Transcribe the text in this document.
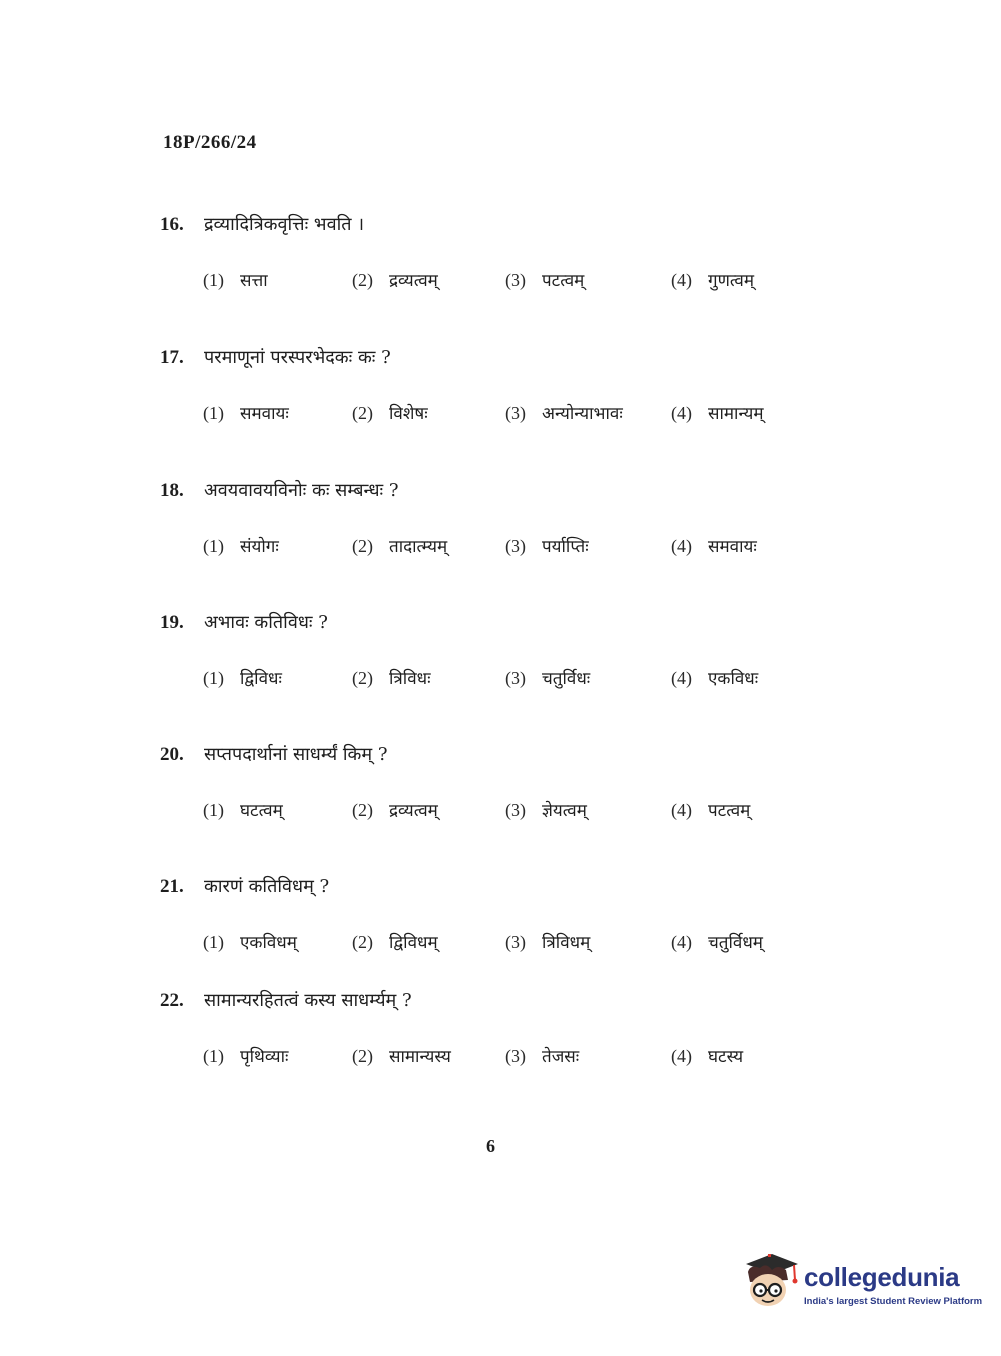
18P/266/24
16.	द्रव्यादित्रिकवृत्तिः भवति ।
(1) सत्ता	(2) द्रव्यत्वम्	(3) पटत्वम्	(4) गुणत्वम्
17.	परमाणूनां परस्परभेदकः कः ?
(1) समवायः	(2) विशेषः	(3) अन्योन्याभावः	(4) सामान्यम्
18.	अवयवावयविनोः कः सम्बन्धः ?
(1) संयोगः	(2) तादात्म्यम्	(3) पर्याप्तिः	(4) समवायः
19.	अभावः कतिविधः ?
(1) द्विविधः	(2) त्रिविधः	(3) चतुर्विधः	(4) एकविधः
20.	सप्तपदार्थानां साधर्म्यं किम् ?
(1) घटत्वम्	(2) द्रव्यत्वम्	(3) ज्ञेयत्वम्	(4) पटत्वम्
21.	कारणं कतिविधम् ?
(1) एकविधम्	(2) द्विविधम्	(3) त्रिविधम्	(4) चतुर्विधम्
22.	सामान्यरहितत्वं कस्य साधर्म्यम् ?
(1) पृथिव्याः	(2) सामान्यस्य	(3) तेजसः	(4) घटस्य
6
collegedunia
India's largest Student Review Platform
